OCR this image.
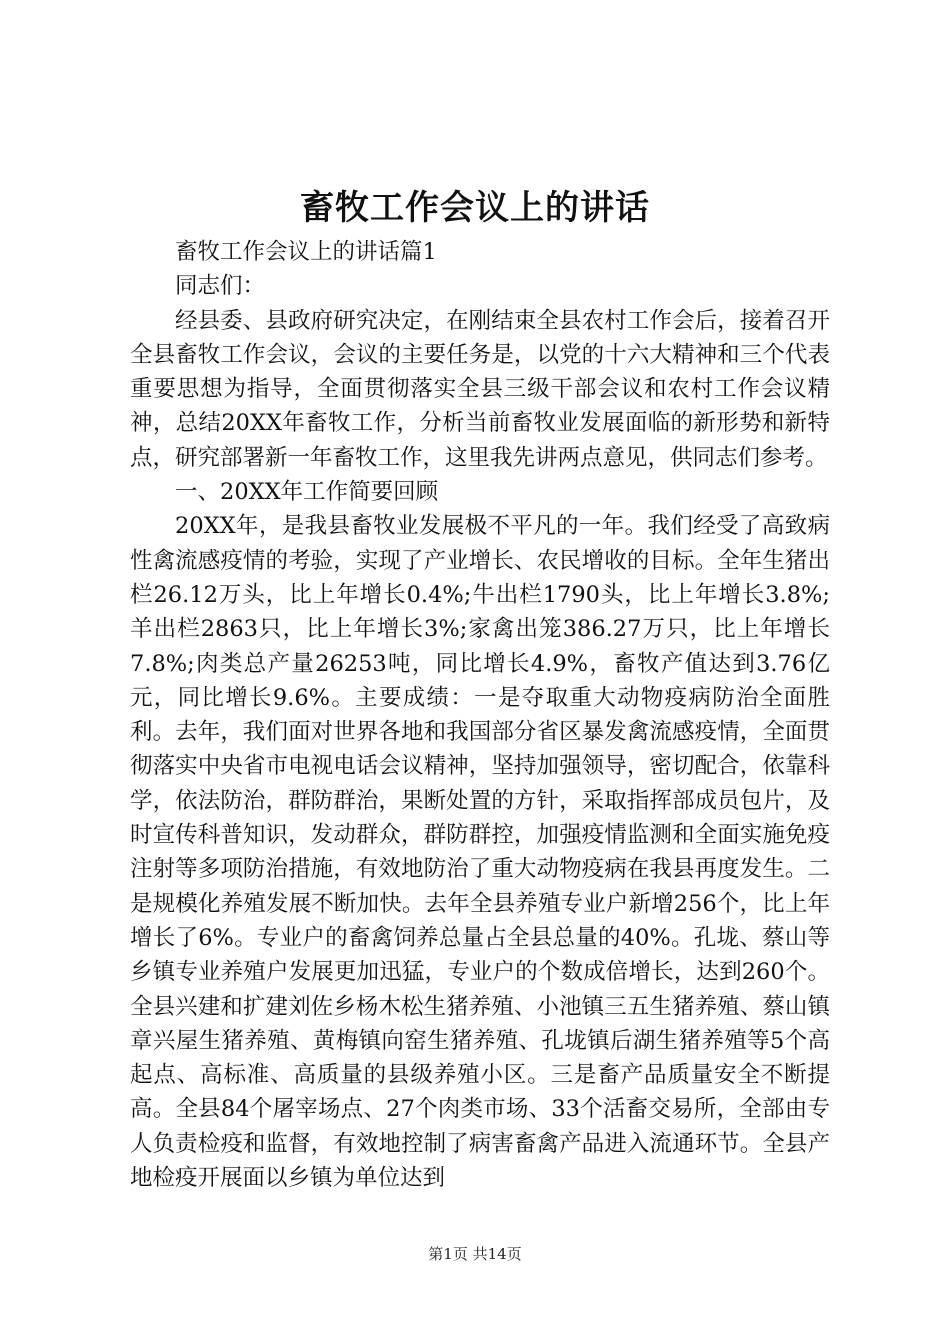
畜牧工作会议上的讲话

畜牧工作会议上的讲话篇1

同志们：

经县委、县政府研究决定，在刚结束全县农村工作会后，接着召开全县畜牧工作会议，会议的主要任务是，以党的十六大精神和三个代表重要思想为指导，全面贯彻落实全县三级干部会议和农村工作会议精神，总结20XX年畜牧工作，分析当前畜牧业发展面临的新形势和新特点，研究部署新一年畜牧工作，这里我先讲两点意见，供同志们参考。

一、20XX年工作简要回顾

20XX年，是我县畜牧业发展极不平凡的一年。我们经受了高致病性禽流感疫情的考验，实现了产业增长、农民增收的目标。全年生猪出栏26.12万头，比上年增长0.4%;牛出栏1790头，比上年增长3.8%;羊出栏2863只，比上年增长3%;家禽出笼386.27万只，比上年增长7.8%;肉类总产量26253吨，同比增长4.9%，畜牧产值达到3.76亿元，同比增长9.6%。主要成绩：一是夺取重大动物疫病防治全面胜利。去年，我们面对世界各地和我国部分省区暴发禽流感疫情，全面贯彻落实中央省市电视电话会议精神，坚持加强领导，密切配合，依靠科学，依法防治，群防群治，果断处置的方针，采取指挥部成员包片，及时宣传科普知识，发动群众，群防群控，加强疫情监测和全面实施免疫注射等多项防治措施，有效地防治了重大动物疫病在我县再度发生。二是规模化养殖发展不断加快。去年全县养殖专业户新增256个，比上年增长了6%。专业户的畜禽饲养总量占全县总量的40%。孔垅、蔡山等乡镇专业养殖户发展更加迅猛，专业户的个数成倍增长，达到260个。全县兴建和扩建刘佐乡杨木松生猪养殖、小池镇三五生猪养殖、蔡山镇章兴屋生猪养殖、黄梅镇向窑生猪养殖、孔垅镇后湖生猪养殖等5个高起点、高标准、高质量的县级养殖小区。三是畜产品质量安全不断提高。全县84个屠宰场点、27个肉类市场、33个活畜交易所，全部由专人负责检疫和监督，有效地控制了病害畜禽产品进入流通环节。全县产地检疫开展面以乡镇为单位达到

第1页 共14页
